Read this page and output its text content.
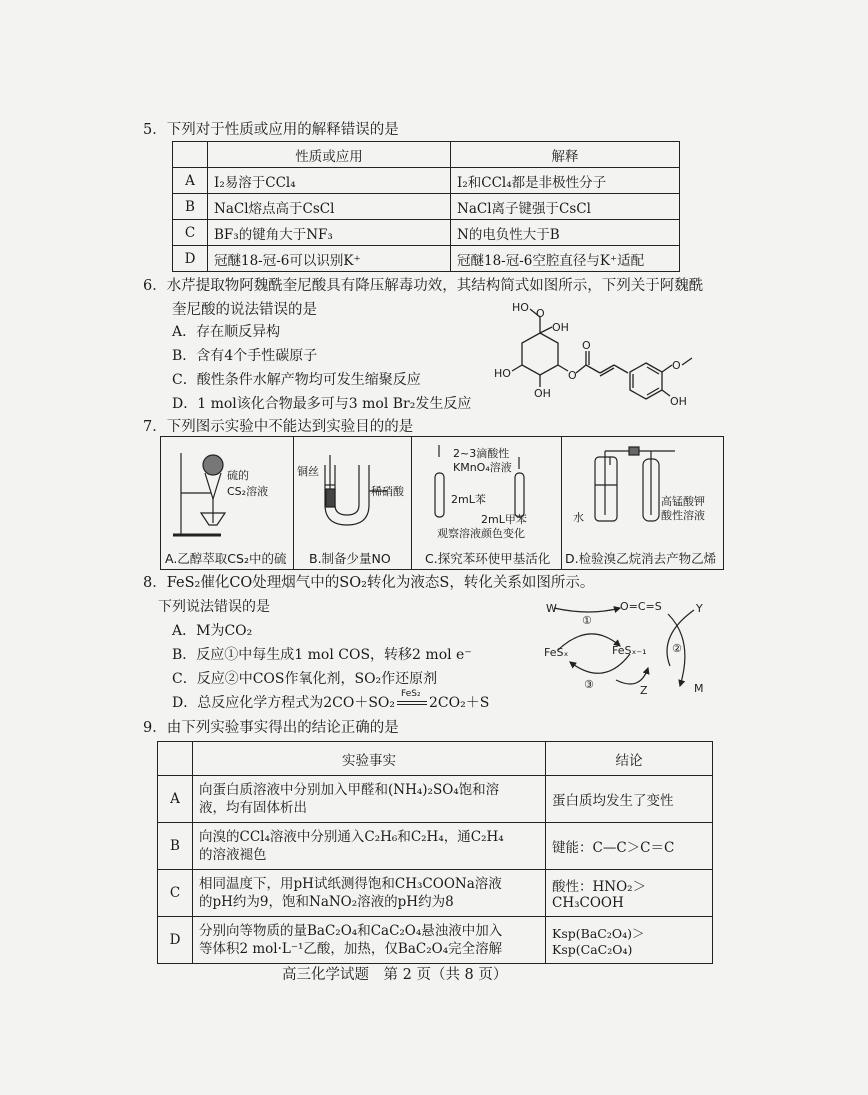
5．下列对于性质或应用的解释错误的是
	性质或应用	解释
A	I₂易溶于CCl₄	I₂和CCl₄都是非极性分子
B	NaCl熔点高于CsCl	NaCl离子键强于CsCl
C	BF₃的键角大于NF₃	N的电负性大于B
D	冠醚18-冠-6可以识别K⁺	冠醚18-冠-6空腔直径与K⁺适配
6．水芹提取物阿魏酰奎尼酸具有降压解毒功效，其结构简式如图所示，下列关于阿魏酰
奎尼酸的说法错误的是
A．存在顺反异构
B．含有4个手性碳原子
C．酸性条件水解产物均可发生缩聚反应
D．1 mol该化合物最多可与3 mol Br₂发生反应
HO O
OH
HO
OH
O
O
O
OH
7．下列图示实验中不能达到实验目的的是
硫的
CS₂溶液
A.乙醇萃取CS₂中的硫
铜丝
稀硝酸
B.制备少量NO
2~3滴酸性
KMnO₄溶液
2mL苯
2mL甲苯
观察溶液颜色变化
C.探究苯环使甲基活化
水
高锰酸钾
酸性溶液
D.检验溴乙烷消去产物乙烯
8．FeS₂催化CO处理烟气中的SO₂转化为液态S，转化关系如图所示。
下列说法错误的是
A．M为CO₂
B．反应①中每生成1 mol COS，转移2 mol e⁻
C．反应②中COS作氧化剂，SO₂作还原剂
D．总反应化学方程式为2CO＋SO₂
FeS₂
2CO₂＋S
W	O=C=S	Y
①
②
③
FeSₓ	FeSₓ₋₁
Z	M
9．由下列实验事实得出的结论正确的是
	实验事实	结论
A	向蛋白质溶液中分别加入甲醛和(NH₄)₂SO₄饱和溶
液，均有固体析出	蛋白质均发生了变性
B	向溴的CCl₄溶液中分别通入C₂H₆和C₂H₄，通C₂H₄
的溶液褪色	键能：C—C＞C＝C
C	相同温度下，用pH试纸测得饱和CH₃COONa溶液
的pH约为9，饱和NaNO₂溶液的pH约为8	酸性：HNO₂＞CH₃COOH
D	分别向等物质的量BaC₂O₄和CaC₂O₄悬浊液中加入
等体积2 mol·L⁻¹乙酸，加热，仅BaC₂O₄完全溶解	Ksp(BaC₂O₄)＞Ksp(CaC₂O₄)
高三化学试题　第 2 页（共 8 页）
